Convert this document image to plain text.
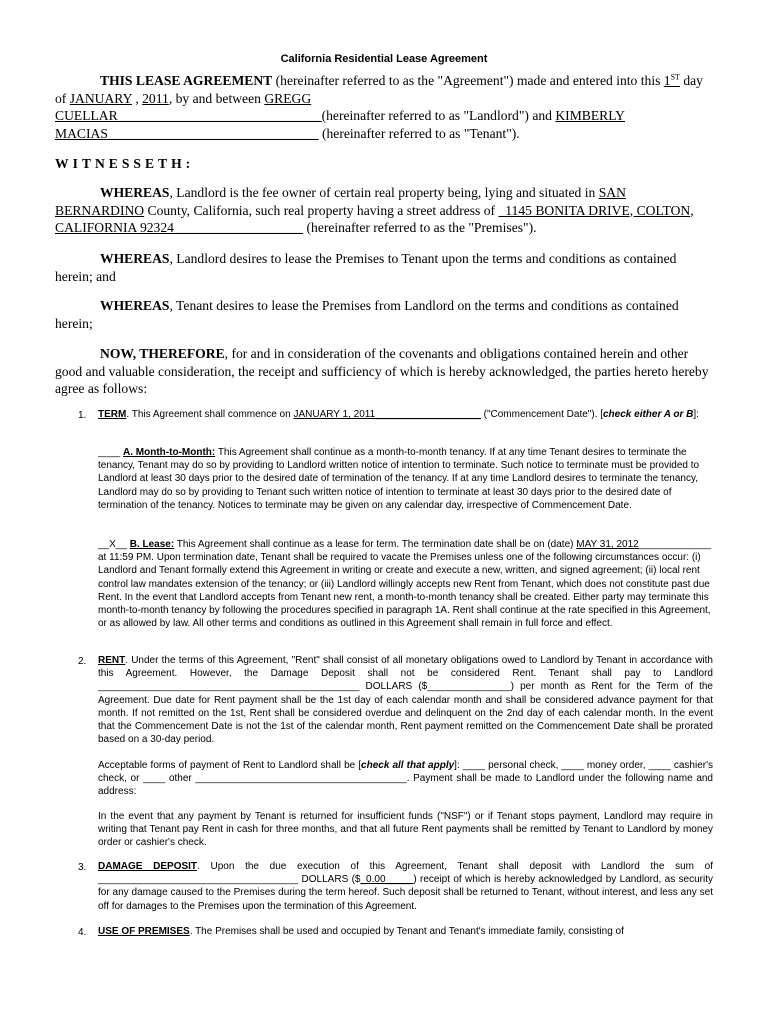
California Residential Lease Agreement
THIS LEASE AGREEMENT (hereinafter referred to as the "Agreement") made and entered into this 1ST day of JANUARY , 2011, by and between GREGG
CUELLAR______________________________(hereinafter referred to as "Landlord") and KIMBERLY
MACIAS_______________________________ (hereinafter referred to as "Tenant").
WITNESSETH:
WHEREAS, Landlord is the fee owner of certain real property being, lying and situated in SAN BERNARDINO County, California, such real property having a street address of _1145 BONITA DRIVE, COLTON, CALIFORNIA 92324___________________ (hereinafter referred to as the "Premises").
WHEREAS, Landlord desires to lease the Premises to Tenant upon the terms and conditions as contained herein; and
WHEREAS, Tenant desires to lease the Premises from Landlord on the terms and conditions as contained herein;
NOW, THEREFORE, for and in consideration of the covenants and obligations contained herein and other good and valuable consideration, the receipt and sufficiency of which is hereby acknowledged, the parties hereto hereby agree as follows:
1. TERM. This Agreement shall commence on JANUARY 1, 2011___________________ ("Commencement Date"). [check either A or B]:
____ A. Month-to-Month: This Agreement shall continue as a month-to-month tenancy. If at any time Tenant desires to terminate the tenancy, Tenant may do so by providing to Landlord written notice of intention to terminate. Such notice to terminate must be provided to Landlord at least 30 days prior to the desired date of termination of the tenancy. If at any time Landlord desires to terminate the tenancy, Landlord may do so by providing to Tenant such written notice of intention to terminate at least 30 days prior to the desired date of termination of the tenancy. Notices to terminate may be given on any calendar day, irrespective of Commencement Date.
__X__ B. Lease: This Agreement shall continue as a lease for term. The termination date shall be on (date) MAY 31, 2012_____________ at 11:59 PM. Upon termination date, Tenant shall be required to vacate the Premises unless one of the following circumstances occur: (i) Landlord and Tenant formally extend this Agreement in writing or create and execute a new, written, and signed agreement; (ii) local rent control law mandates extension of the tenancy; or (iii) Landlord willingly accepts new Rent from Tenant, which does not constitute past due Rent. In the event that Landlord accepts from Tenant new rent, a month-to-month tenancy shall be created. Either party may terminate this month-to-month tenancy by following the procedures specified in paragraph 1A. Rent shall continue at the rate specified in this Agreement, or as allowed by law. All other terms and conditions as outlined in this Agreement shall remain in full force and effect.
2. RENT. Under the terms of this Agreement, "Rent" shall consist of all monetary obligations owed to Landlord by Tenant in accordance with this Agreement. However, the Damage Deposit shall not be considered Rent. Tenant shall pay to Landlord _______________________________________________ DOLLARS ($_______________) per month as Rent for the Term of the Agreement. Due date for Rent payment shall be the 1st day of each calendar month and shall be considered advance payment for that month. If not remitted on the 1st, Rent shall be considered overdue and delinquent on the 2nd day of each calendar month. In the event that the Commencement Date is not the 1st of the calendar month, Rent payment remitted on the Commencement Date shall be prorated based on a 30-day period.
Acceptable forms of payment of Rent to Landlord shall be [check all that apply]: ____ personal check, ____ money order, ____ cashier's check, or ____ other ______________________________________. Payment shall be made to Landlord under the following name and address:
In the event that any payment by Tenant is returned for insufficient funds ("NSF") or if Tenant stops payment, Landlord may require in writing that Tenant pay Rent in cash for three months, and that all future Rent payments shall be remitted by Tenant to Landlord by money order or cashier's check.
3. DAMAGE DEPOSIT. Upon the due execution of this Agreement, Tenant shall deposit with Landlord the sum of ____________________________________ DOLLARS ($_0.00_____) receipt of which is hereby acknowledged by Landlord, as security for any damage caused to the Premises during the term hereof. Such deposit shall be returned to Tenant, without interest, and less any set off for damages to the Premises upon the termination of this Agreement.
4. USE OF PREMISES. The Premises shall be used and occupied by Tenant and Tenant's immediate family, consisting of
